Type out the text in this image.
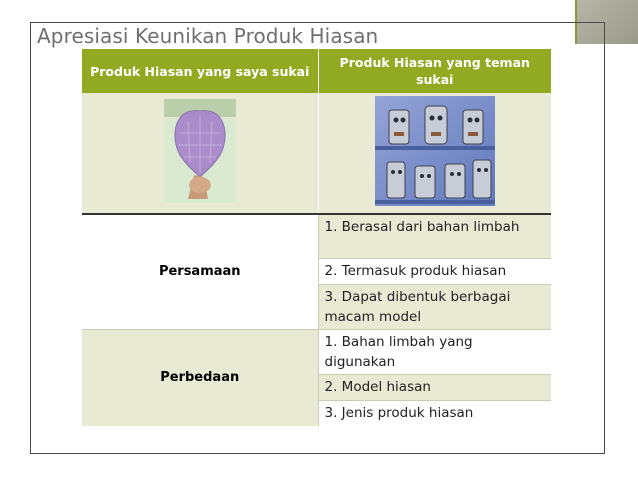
Apresiasi Keunikan Produk Hiasan
Produk Hiasan yang saya sukai	Produk Hiasan yang teman sukai

Persamaan	1. Berasal dari bahan limbah
	2. Termasuk produk hiasan
	3. Dapat dibentuk berbagai macam model
Perbedaan	1. Bahan limbah yang digunakan
	2. Model hiasan
	3. Jenis produk hiasan
